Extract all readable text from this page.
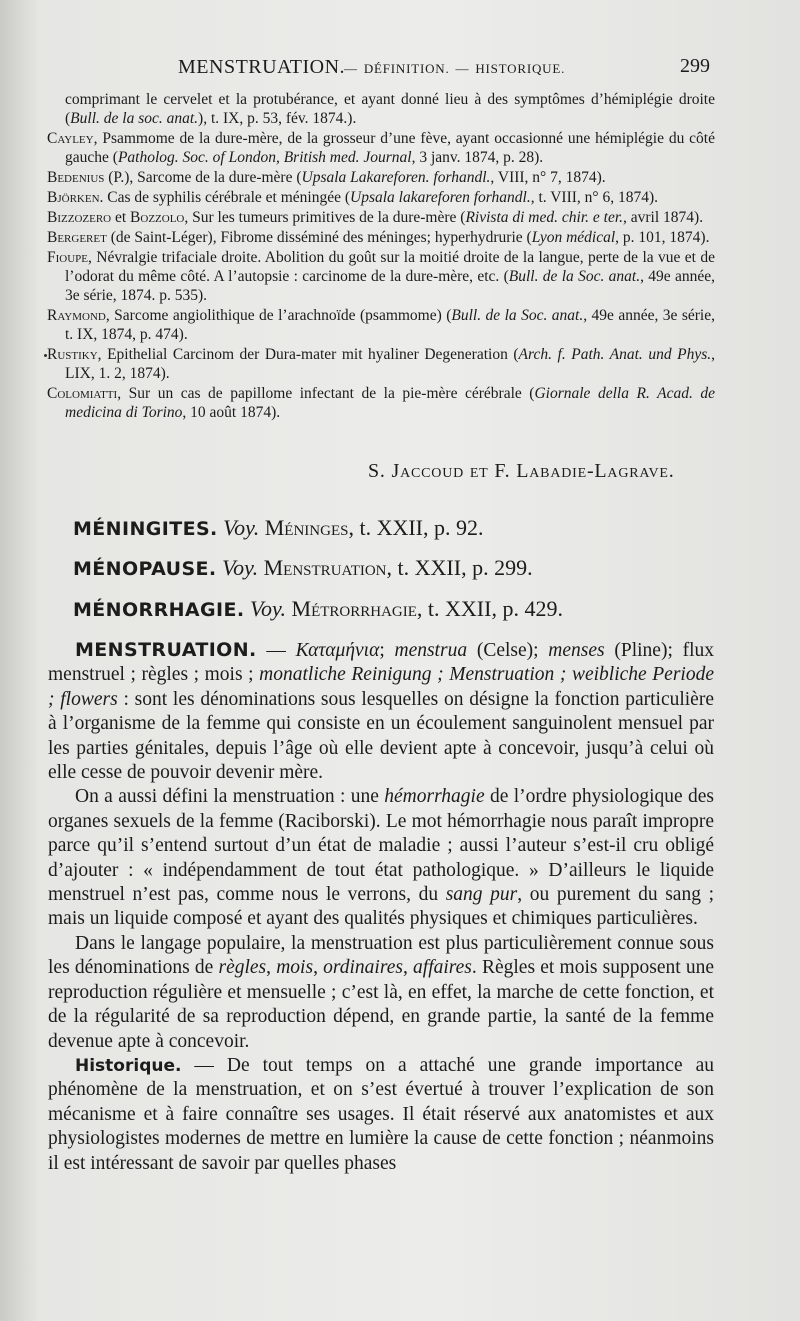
MENSTRUATION.
— DÉFINITION. — HISTORIQUE.	299

comprimant le cervelet et la protubérance, et ayant donné lieu à des symptômes d’hémiplégie droite (Bull. de la soc. anat.), t. IX, p. 53, fév. 1874.).

Cayley, Psammome de la dure-mère, de la grosseur d’une fève, ayant occasionné une hémiplégie du côté gauche (Patholog. Soc. of London, British med. Journal, 3 janv. 1874, p. 28).

Bedenius (P.), Sarcome de la dure-mère (Upsala Lakareforen. forhandl., VIII, n° 7, 1874).

Björken. Cas de syphilis cérébrale et méningée (Upsala lakareforen forhandl., t. VIII, n° 6, 1874).

Bizzozero et Bozzolo, Sur les tumeurs primitives de la dure-mère (Rivista di med. chir. e ter., avril 1874).

Bergeret (de Saint-Léger), Fibrome disséminé des méninges; hyperhydrurie (Lyon médical, p. 101, 1874).

Fioupe, Névralgie trifaciale droite. Abolition du goût sur la moitié droite de la langue, perte de la vue et de l’odorat du même côté. A l’autopsie : carcinome de la dure-mère, etc. (Bull. de la Soc. anat., 49e année, 3e série, 1874. p. 535).

Raymond, Sarcome angiolithique de l’arachnoïde (psammome) (Bull. de la Soc. anat., 49e année, 3e série, t. IX, 1874, p. 474).

Rustiky, Epithelial Carcinom der Dura-mater mit hyaliner Degeneration (Arch. f. Path. Anat. und Phys., LIX, 1. 2, 1874).

Colomiatti, Sur un cas de papillome infectant de la pie-mère cérébrale (Giornale della R. Acad. de medicina di Torino, 10 août 1874).

S. Jaccoud et F. Labadie-Lagrave.
MÉNINGITES. Voy. Méninges, t. XXII, p. 92.
MÉNOPAUSE. Voy. Menstruation, t. XXII, p. 299.
MÉNORRHAGIE. Voy. Métrorrhagie, t. XXII, p. 429.

MENSTRUATION. — Καταμήνια; menstrua (Celse); menses (Pline); flux menstruel ; règles ; mois ; monatliche Reinigung ; Menstruation ; weibliche Periode ; flowers : sont les dénominations sous lesquelles on désigne la fonction particulière à l’organisme de la femme qui consiste en un écoulement sanguinolent mensuel par les parties génitales, depuis l’âge où elle devient apte à concevoir, jusqu’à celui où elle cesse de pouvoir devenir mère.

On a aussi défini la menstruation : une hémorrhagie de l’ordre physiologique des organes sexuels de la femme (Raciborski). Le mot hémorrhagie nous paraît impropre parce qu’il s’entend surtout d’un état de maladie ; aussi l’auteur s’est-il cru obligé d’ajouter : « indépendamment de tout état pathologique. » D’ailleurs le liquide menstruel n’est pas, comme nous le verrons, du sang pur, ou purement du sang ; mais un liquide composé et ayant des qualités physiques et chimiques particulières.

Dans le langage populaire, la menstruation est plus particulièrement connue sous les dénominations de règles, mois, ordinaires, affaires. Règles et mois supposent une reproduction régulière et mensuelle ; c’est là, en effet, la marche de cette fonction, et de la régularité de sa reproduction dépend, en grande partie, la santé de la femme devenue apte à concevoir.

Historique. — De tout temps on a attaché une grande importance au phénomène de la menstruation, et on s’est évertué à trouver l’explication de son mécanisme et à faire connaître ses usages. Il était réservé aux anatomistes et aux physiologistes modernes de mettre en lumière la cause de cette fonction ; néanmoins il est intéressant de savoir par quelles phases
